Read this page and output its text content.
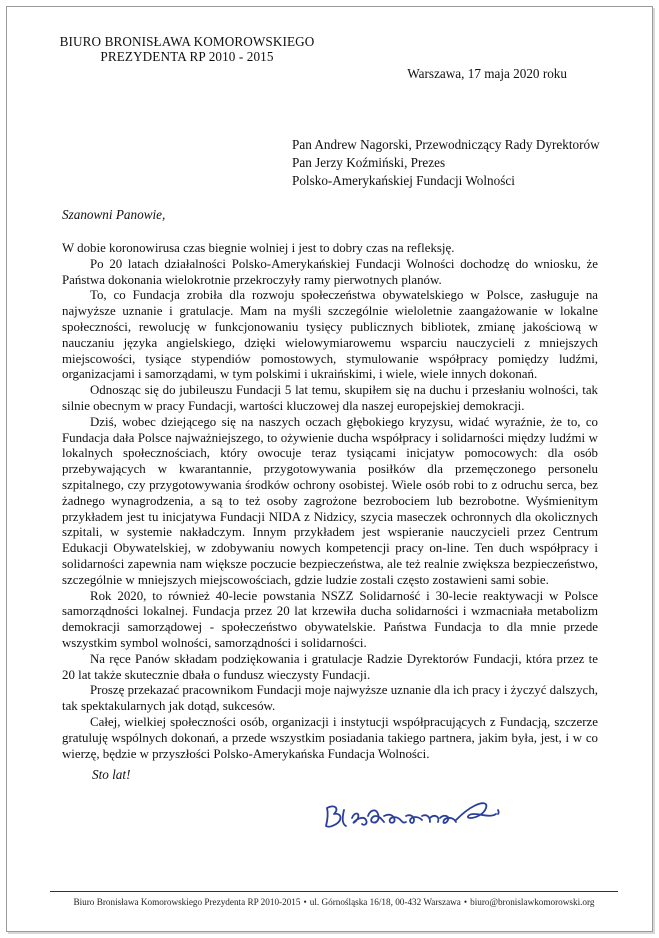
BIURO BRONISŁAWA KOMOROWSKIEGO
PREZYDENTA RP 2010 - 2015
Warszawa, 17 maja 2020 roku
Pan Andrew Nagorski, Przewodniczący Rady Dyrektorów
Pan Jerzy Koźmiński, Prezes
Polsko-Amerykańskiej Fundacji Wolności
Szanowni Panowie,

W dobie koronowirusa czas biegnie wolniej i jest to dobry czas na refleksję.

Po 20 latach działalności Polsko-Amerykańskiej Fundacji Wolności dochodzę do wniosku, że Państwa dokonania wielokrotnie przekroczyły ramy pierwotnych planów.

To, co Fundacja zrobiła dla rozwoju społeczeństwa obywatelskiego w Polsce, zasługuje na najwyższe uznanie i gratulacje. Mam na myśli szczególnie wieloletnie zaangażowanie w lokalne społeczności, rewolucję w funkcjonowaniu tysięcy publicznych bibliotek, zmianę jakościową w nauczaniu języka angielskiego, dzięki wielowymiarowemu wsparciu nauczycieli z mniejszych miejscowości, tysiące stypendiów pomostowych, stymulowanie współpracy pomiędzy ludźmi, organizacjami i samorządami, w tym polskimi i ukraińskimi, i wiele, wiele innych dokonań.

Odnosząc się do jubileuszu Fundacji 5 lat temu, skupiłem się na duchu i przesłaniu wolności, tak silnie obecnym w pracy Fundacji, wartości kluczowej dla naszej europejskiej demokracji.

Dziś, wobec dziejącego się na naszych oczach głębokiego kryzysu, widać wyraźnie, że to, co Fundacja dała Polsce najważniejszego, to ożywienie ducha współpracy i solidarności między ludźmi w lokalnych społecznościach, który owocuje teraz tysiącami inicjatyw pomocowych: dla osób przebywających w kwarantannie, przygotowywania posiłków dla przemęczonego personelu szpitalnego, czy przygotowywania środków ochrony osobistej. Wiele osób robi to z odruchu serca, bez żadnego wynagrodzenia, a są to też osoby zagrożone bezrobociem lub bezrobotne. Wyśmienitym przykładem jest tu inicjatywa Fundacji NIDA z Nidzicy, szycia maseczek ochronnych dla okolicznych szpitali, w systemie nakładczym. Innym przykładem jest wspieranie nauczycieli przez Centrum Edukacji Obywatelskiej, w zdobywaniu nowych kompetencji pracy on-line. Ten duch współpracy i solidarności zapewnia nam większe poczucie bezpieczeństwa, ale też realnie zwiększa bezpieczeństwo, szczególnie w mniejszych miejscowościach, gdzie ludzie zostali często zostawieni sami sobie.

Rok 2020, to również 40-lecie powstania NSZZ Solidarność i 30-lecie reaktywacji w Polsce samorządności lokalnej. Fundacja przez 20 lat krzewiła ducha solidarności i wzmacniała metabolizm demokracji samorządowej - społeczeństwo obywatelskie. Państwa Fundacja to dla mnie przede wszystkim symbol wolności, samorządności i solidarności.

Na ręce Panów składam podziękowania i gratulacje Radzie Dyrektorów Fundacji, która przez te 20 lat także skutecznie dbała o fundusz wieczysty Fundacji.

Proszę przekazać pracownikom Fundacji moje najwyższe uznanie dla ich pracy i życzyć dalszych, tak spektakularnych jak dotąd, sukcesów.

Całej, wielkiej społeczności osób, organizacji i instytucji współpracujących z Fundacją, szczerze gratuluję wspólnych dokonań, a przede wszystkim posiadania takiego partnera, jakim była, jest, i w co wierzę, będzie w przyszłości Polsko-Amerykańska Fundacja Wolności.

Sto lat!
Biuro Bronisława Komorowskiego Prezydenta RP 2010-2015 • ul. Górnośląska 16/18, 00-432 Warszawa • biuro@bronislawkomorowski.org
